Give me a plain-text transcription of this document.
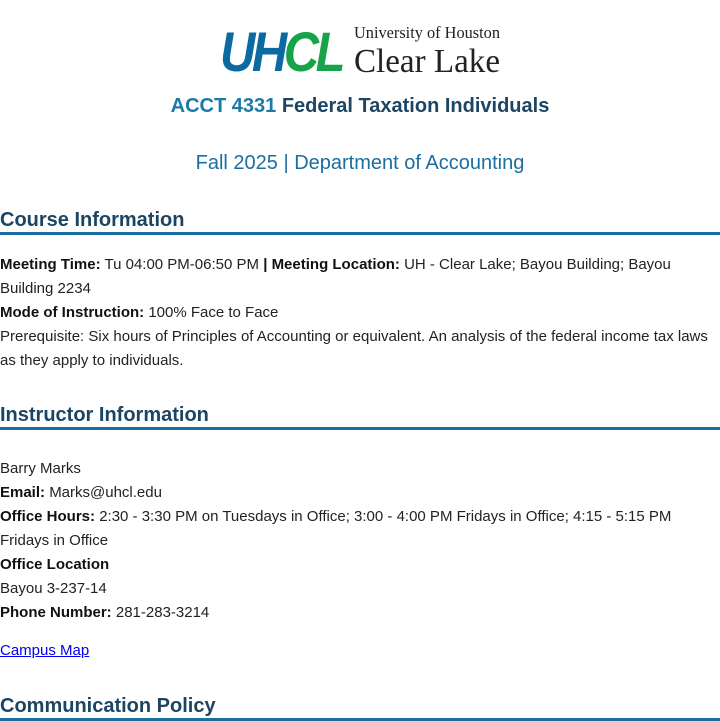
UHCL University of Houston
Clear Lake
ACCT 4331 Federal Taxation Individuals
Fall 2025 | Department of Accounting
Course Information

Meeting Time: Tu 04:00 PM-06:50 PM | Meeting Location: UH - Clear Lake; Bayou Building; Bayou Building 2234

Mode of Instruction: 100% Face to Face

Prerequisite: Six hours of Principles of Accounting or equivalent. An analysis of the federal income tax laws as they apply to individuals.

Instructor Information

Barry Marks

Email: Marks@uhcl.edu

Office Hours: 2:30 - 3:30 PM on Tuesdays in Office; 3:00 - 4:00 PM Fridays in Office; 4:15 - 5:15 PM Fridays in Office

Office Location

Bayou 3-237-14

Phone Number: 281-283-3214

Campus Map
Communication Policy
